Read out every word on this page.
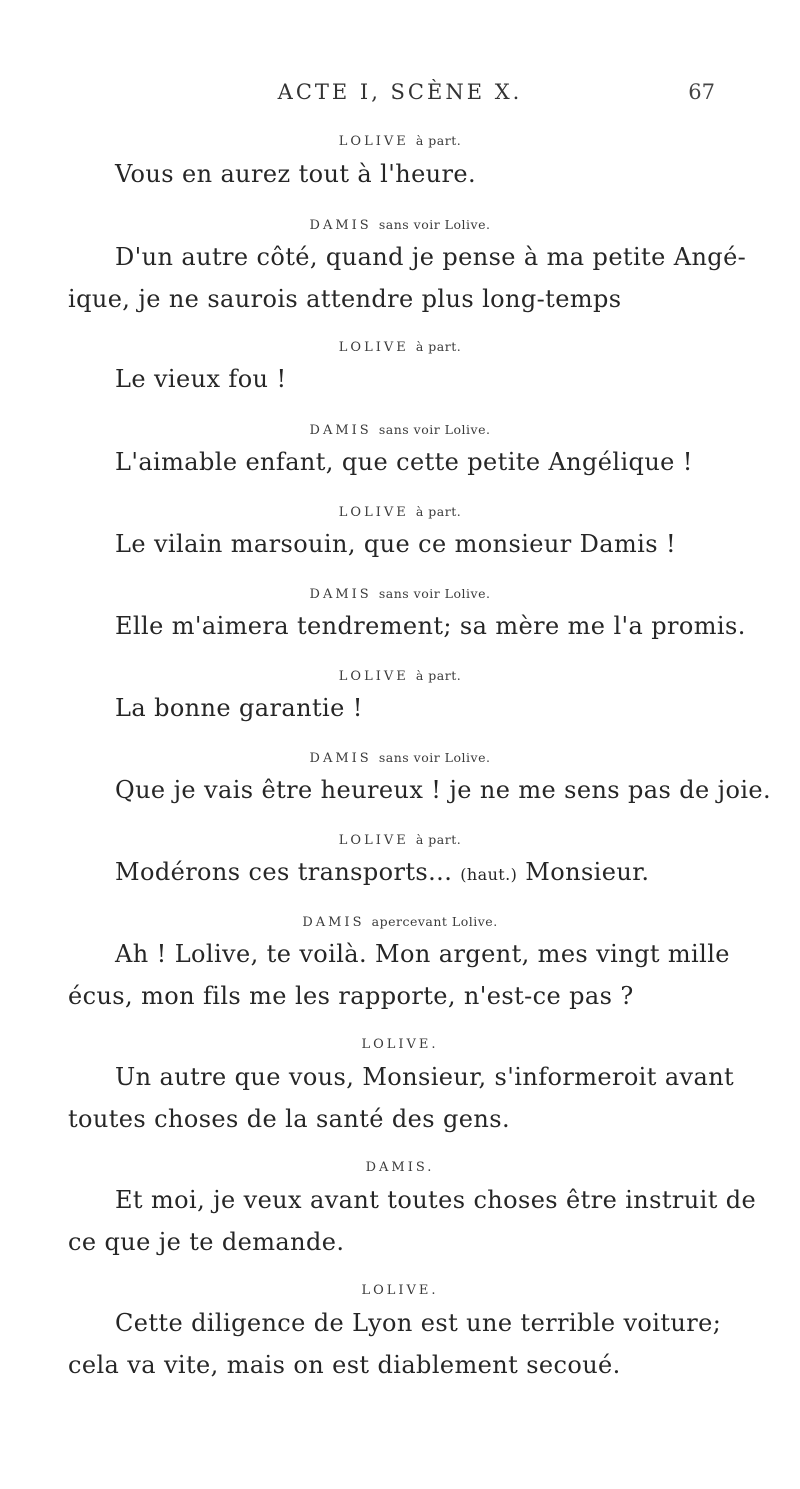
ACTE I, SCÈNE X.	67
LOLIVE à part.
Vous en aurez tout à l'heure.
DAMIS sans voir Lolive.
D'un autre côté, quand je pense à ma petite Angé-
ique, je ne saurois attendre plus long-temps
LOLIVE à part.
Le vieux fou !
DAMIS sans voir Lolive.
L'aimable enfant, que cette petite Angélique !
LOLIVE à part.
Le vilain marsouin, que ce monsieur Damis !
DAMIS sans voir Lolive.
Elle m'aimera tendrement; sa mère me l'a promis.
LOLIVE à part.
La bonne garantie !
DAMIS sans voir Lolive.
Que je vais être heureux ! je ne me sens pas de joie.
LOLIVE à part.
Modérons ces transports... (haut.) Monsieur.
DAMIS apercevant Lolive.
Ah ! Lolive, te voilà. Mon argent, mes vingt mille
écus, mon fils me les rapporte, n'est-ce pas ?
LOLIVE.
Un autre que vous, Monsieur, s'informeroit avant
toutes choses de la santé des gens.
DAMIS.
Et moi, je veux avant toutes choses être instruit de
ce que je te demande.
LOLIVE.
Cette diligence de Lyon est une terrible voiture;
cela va vite, mais on est diablement secoué.
